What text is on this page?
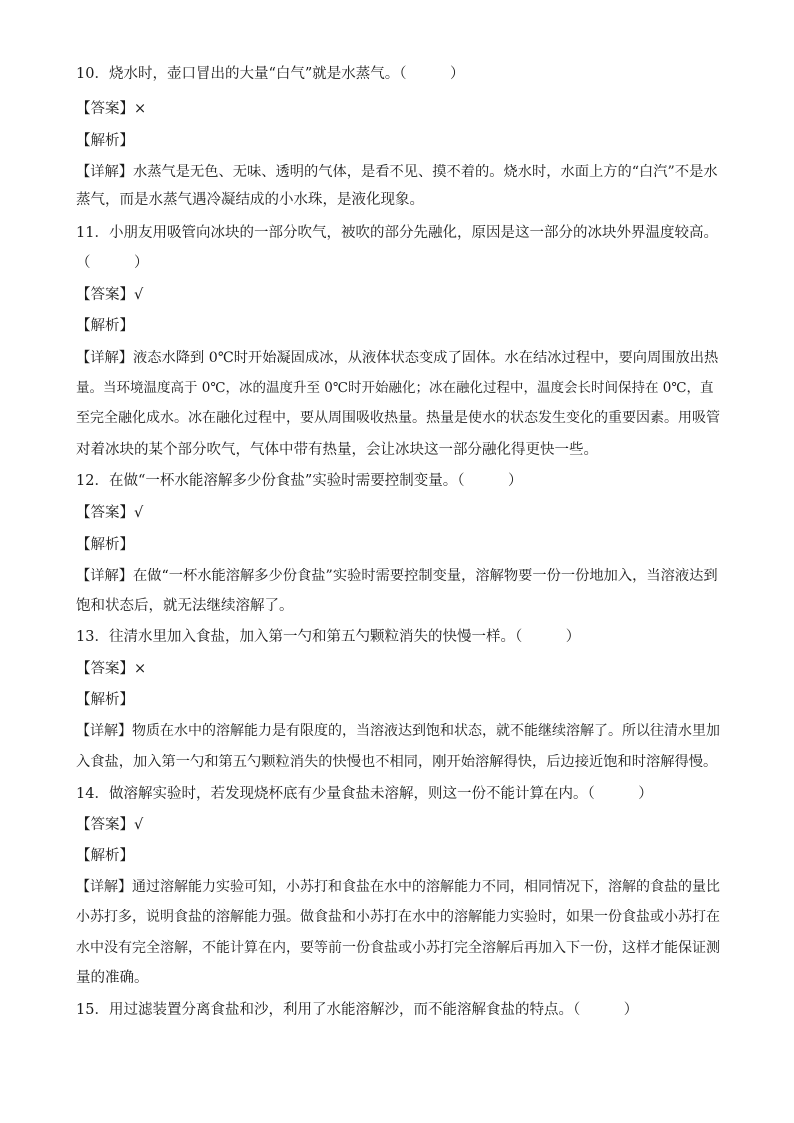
10．烧水时，壶口冒出的大量“白气”就是水蒸气。（　　　）
【答案】×
【解析】
【详解】水蒸气是无色、无味、透明的气体，是看不见、摸不着的。烧水时，水面上方的“白汽”不是水
蒸气，而是水蒸气遇冷凝结成的小水珠，是液化现象。
11．小朋友用吸管向冰块的一部分吹气，被吹的部分先融化，原因是这一部分的冰块外界温度较高。
（　　　）
【答案】√
【解析】
【详解】液态水降到 0℃时开始凝固成冰，从液体状态变成了固体。水在结冰过程中，要向周围放出热
量。当环境温度高于 0℃，冰的温度升至 0℃时开始融化；冰在融化过程中，温度会长时间保持在 0℃，直
至完全融化成水。冰在融化过程中，要从周围吸收热量。热量是使水的状态发生变化的重要因素。用吸管
对着冰块的某个部分吹气，气体中带有热量，会让冰块这一部分融化得更快一些。
12．在做“一杯水能溶解多少份食盐”实验时需要控制变量。（　　　）
【答案】√
【解析】
【详解】在做“一杯水能溶解多少份食盐”实验时需要控制变量，溶解物要一份一份地加入，当溶液达到
饱和状态后，就无法继续溶解了。
13．往清水里加入食盐，加入第一勺和第五勺颗粒消失的快慢一样。（　　　）
【答案】×
【解析】
【详解】物质在水中的溶解能力是有限度的，当溶液达到饱和状态，就不能继续溶解了。所以往清水里加
入食盐，加入第一勺和第五勺颗粒消失的快慢也不相同，刚开始溶解得快，后边接近饱和时溶解得慢。
14．做溶解实验时，若发现烧杯底有少量食盐未溶解，则这一份不能计算在内。（　　　）
【答案】√
【解析】
【详解】通过溶解能力实验可知，小苏打和食盐在水中的溶解能力不同，相同情况下，溶解的食盐的量比
小苏打多，说明食盐的溶解能力强。做食盐和小苏打在水中的溶解能力实验时，如果一份食盐或小苏打在
水中没有完全溶解，不能计算在内，要等前一份食盐或小苏打完全溶解后再加入下一份，这样才能保证测
量的准确。
15．用过滤装置分离食盐和沙，利用了水能溶解沙，而不能溶解食盐的特点。（　　　）
